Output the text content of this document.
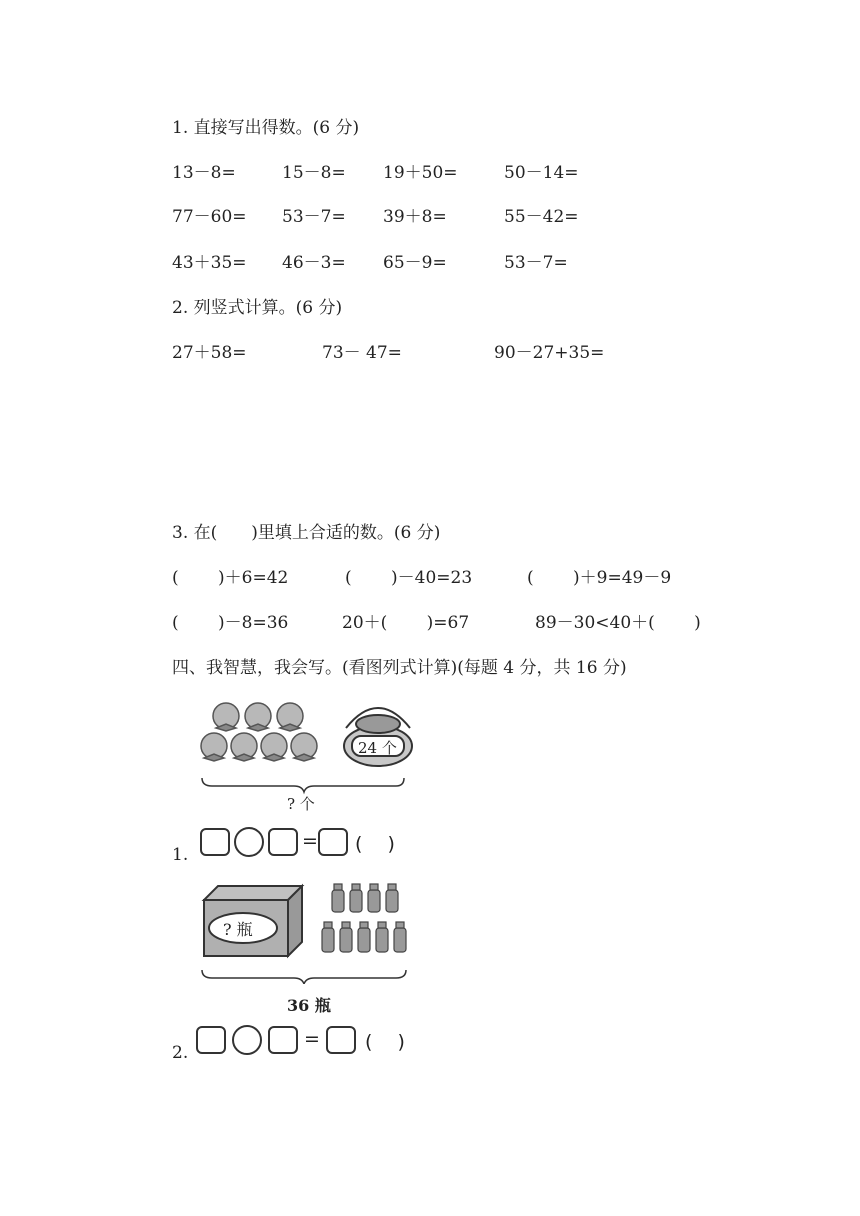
1. 直接写出得数。(6 分)
13－8=	15－8= 19＋50=	50－14=
77－60= 53－7= 39＋8=	55－42=
43＋35= 46－3= 65－9=	53－7=
2. 列竖式计算。(6 分)
27＋58=	73－ 47=	90－27+35=
3. 在(　　)里填上合适的数。(6 分)
(　　 )＋6=42	(　　 )－40=23	(　　 )＋9=49－9
(　　 )－8=36	20＋(　　 )=67	89－30<40＋(　　 )
四、我智慧，我会写。(看图列式计算)(每题 4 分，共 16 分)
24 个
? 个
1.
= (　 )
? 瓶
36 瓶
2.
= (　 )
